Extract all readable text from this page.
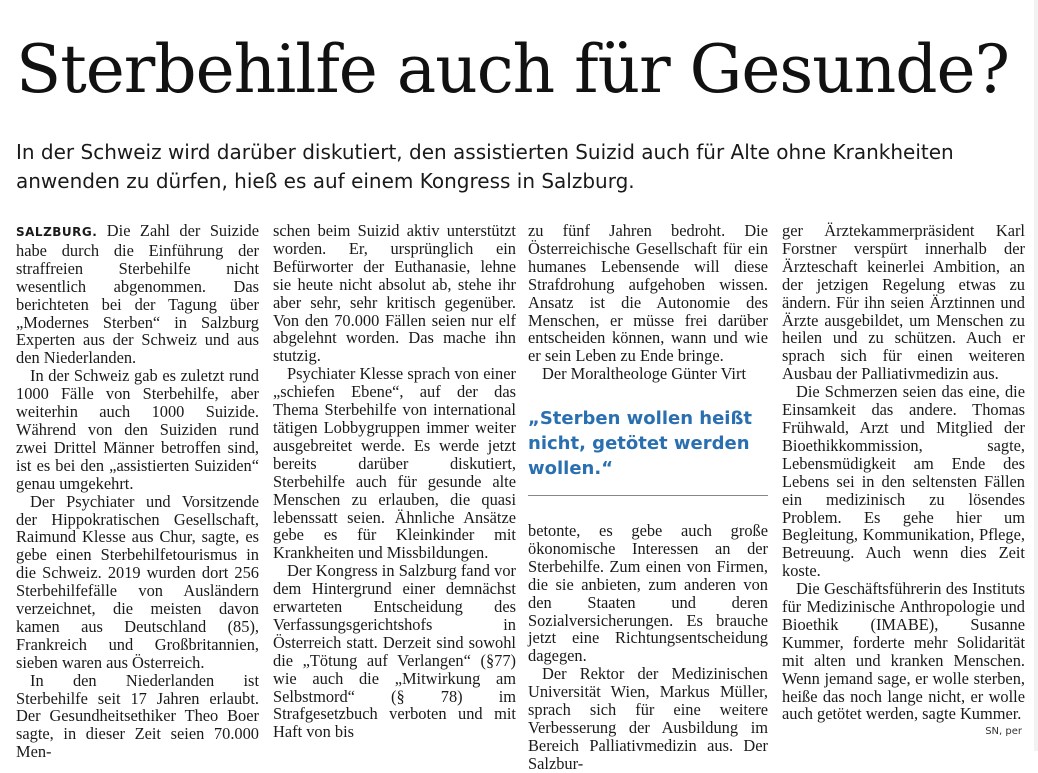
Sterbehilfe auch für Gesunde?

In der Schweiz wird darüber diskutiert, den assistierten Suizid auch für Alte ohne Krankheiten anwenden zu dürfen, hieß es auf einem Kongress in Salzburg.

SALZBURG. Die Zahl der Suizide habe durch die Einführung der straffreien Sterbehilfe nicht wesentlich abgenommen. Das berichteten bei der Tagung über „Modernes Sterben“ in Salzburg Experten aus der Schweiz und aus den Niederlanden.

In der Schweiz gab es zuletzt rund 1000 Fälle von Sterbehilfe, aber weiterhin auch 1000 Suizide. Während von den Suiziden rund zwei Drittel Männer betroffen sind, ist es bei den „assistierten Suiziden“ genau umgekehrt.

Der Psychiater und Vorsitzende der Hippokratischen Gesellschaft, Raimund Klesse aus Chur, sagte, es gebe einen Sterbehilfetourismus in die Schweiz. 2019 wurden dort 256 Sterbehilfefälle von Ausländern verzeichnet, die meisten davon kamen aus Deutschland (85), Frankreich und Großbritannien, sieben waren aus Österreich.

In den Niederlanden ist Sterbehilfe seit 17 Jahren erlaubt. Der Gesundheitsethiker Theo Boer sagte, in dieser Zeit seien 70.000 Men-

schen beim Suizid aktiv unterstützt worden. Er, ursprünglich ein Befürworter der Euthanasie, lehne sie heute nicht absolut ab, stehe ihr aber sehr, sehr kritisch gegenüber. Von den 70.000 Fällen seien nur elf abgelehnt worden. Das mache ihn stutzig.

Psychiater Klesse sprach von einer „schiefen Ebene“, auf der das Thema Sterbehilfe von international tätigen Lobbygruppen immer weiter ausgebreitet werde. Es werde jetzt bereits darüber diskutiert, Sterbehilfe auch für gesunde alte Menschen zu erlauben, die quasi lebenssatt seien. Ähnliche Ansätze gebe es für Kleinkinder mit Krankheiten und Missbildungen.

Der Kongress in Salzburg fand vor dem Hintergrund einer demnächst erwarteten Entscheidung des Verfassungsgerichtshofs in Österreich statt. Derzeit sind sowohl die „Tötung auf Verlangen“ (§77) wie auch die „Mitwirkung am Selbstmord“ (§ 78) im Strafgesetzbuch verboten und mit Haft von bis

zu fünf Jahren bedroht. Die Österreichische Gesellschaft für ein humanes Lebensende will diese Strafdrohung aufgehoben wissen. Ansatz ist die Autonomie des Menschen, er müsse frei darüber entscheiden können, wann und wie er sein Leben zu Ende bringe.

Der Moraltheologe Günter Virt

betonte, es gebe auch große ökonomische Interessen an der Sterbehilfe. Zum einen von Firmen, die sie anbieten, zum anderen von den Staaten und deren Sozialversicherungen. Es brauche jetzt eine Richtungsentscheidung dagegen.

Der Rektor der Medizinischen Universität Wien, Markus Müller, sprach sich für eine weitere Verbesserung der Ausbildung im Bereich Palliativmedizin aus. Der Salzbur-

„Sterben wollen heißt nicht, getötet werden wollen.“

ger Ärztekammerpräsident Karl Forstner verspürt innerhalb der Ärzteschaft keinerlei Ambition, an der jetzigen Regelung etwas zu ändern. Für ihn seien Ärztinnen und Ärzte ausgebildet, um Menschen zu heilen und zu schützen. Auch er sprach sich für einen weiteren Ausbau der Palliativmedizin aus.

Die Schmerzen seien das eine, die Einsamkeit das andere. Thomas Frühwald, Arzt und Mitglied der Bioethikkommission, sagte, Lebensmüdigkeit am Ende des Lebens sei in den seltensten Fällen ein medizinisch zu lösendes Problem. Es gehe hier um Begleitung, Kommunikation, Pflege, Betreuung. Auch wenn dies Zeit koste.

Die Geschäftsführerin des Instituts für Medizinische Anthropologie und Bioethik (IMABE), Susanne Kummer, forderte mehr Solidarität mit alten und kranken Menschen. Wenn jemand sage, er wolle sterben, heiße das noch lange nicht, er wolle auch getötet werden, sagte Kummer.

SN, per
